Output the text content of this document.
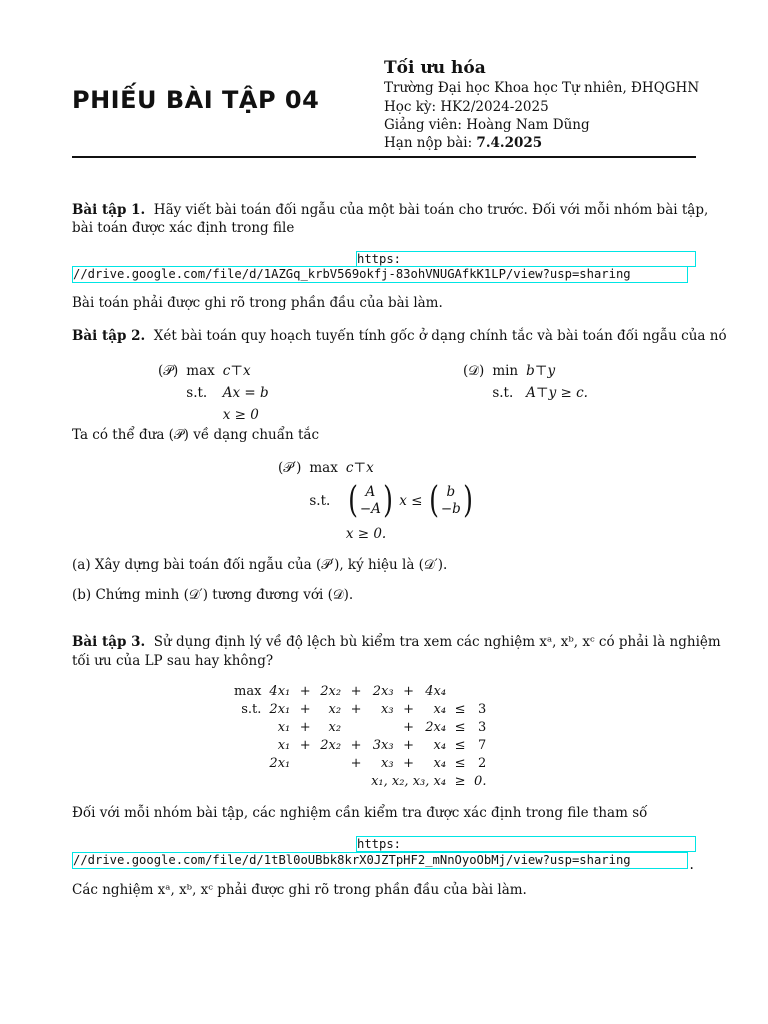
PHIẾU BÀI TẬP 04
Tối ưu hóa
Trường Đại học Khoa học Tự nhiên, ĐHQGHN
Học kỳ: HK2/2024-2025
Giảng viên: Hoàng Nam Dũng
Hạn nộp bài: 7.4.2025
Bài tập 1. Hãy viết bài toán đối ngẫu của một bài toán cho trước. Đối với mỗi nhóm bài tập,
bài toán được xác định trong file
https:
//drive.google.com/file/d/1AZGq_krbV569okfj-83ohVNUGAfkK1LP/view?usp=sharing
Bài toán phải được ghi rõ trong phần đầu của bài làm.
Bài tập 2. Xét bài toán quy hoạch tuyến tính gốc ở dạng chính tắc và bài toán đối ngẫu của nó
(𝒫)	max	c⊤x
	s.t.	Ax = b
		x ≥ 0
(𝒟)	min	b⊤y
	s.t.	A⊤y ≥ c.
Ta có thể đưa (𝒫) về dạng chuẩn tắc
(𝒫′)	max	c⊤x
	s.t.	( A
−A) x ≤ ( b
−b)
		x ≥ 0.
(a) Xây dựng bài toán đối ngẫu của (𝒫′), ký hiệu là (𝒟′).
(b) Chứng minh (𝒟′) tương đương với (𝒟).
Bài tập 3. Sử dụng định lý về độ lệch bù kiểm tra xem các nghiệm xᵃ, xᵇ, xᶜ có phải là nghiệm
tối ưu của LP sau hay không?
max	4x₁	+	2x₂	+	2x₃	+	4x₄		
s.t.	2x₁	+	x₂	+	x₃	+	x₄	≤	3
	x₁	+	x₂			+	2x₄	≤	3
	x₁	+	2x₂	+	3x₃	+	x₄	≤	7
	2x₁			+	x₃	+	x₄	≤	2
					x₁, x₂, x₃, x₄			≥	0.
Đối với mỗi nhóm bài tập, các nghiệm cần kiểm tra được xác định trong file tham số
https:
//drive.google.com/file/d/1tBl0oUBbk8krX0JZTpHF2_mNnOyoObMj/view?usp=sharing	.
Các nghiệm xᵃ, xᵇ, xᶜ phải được ghi rõ trong phần đầu của bài làm.
